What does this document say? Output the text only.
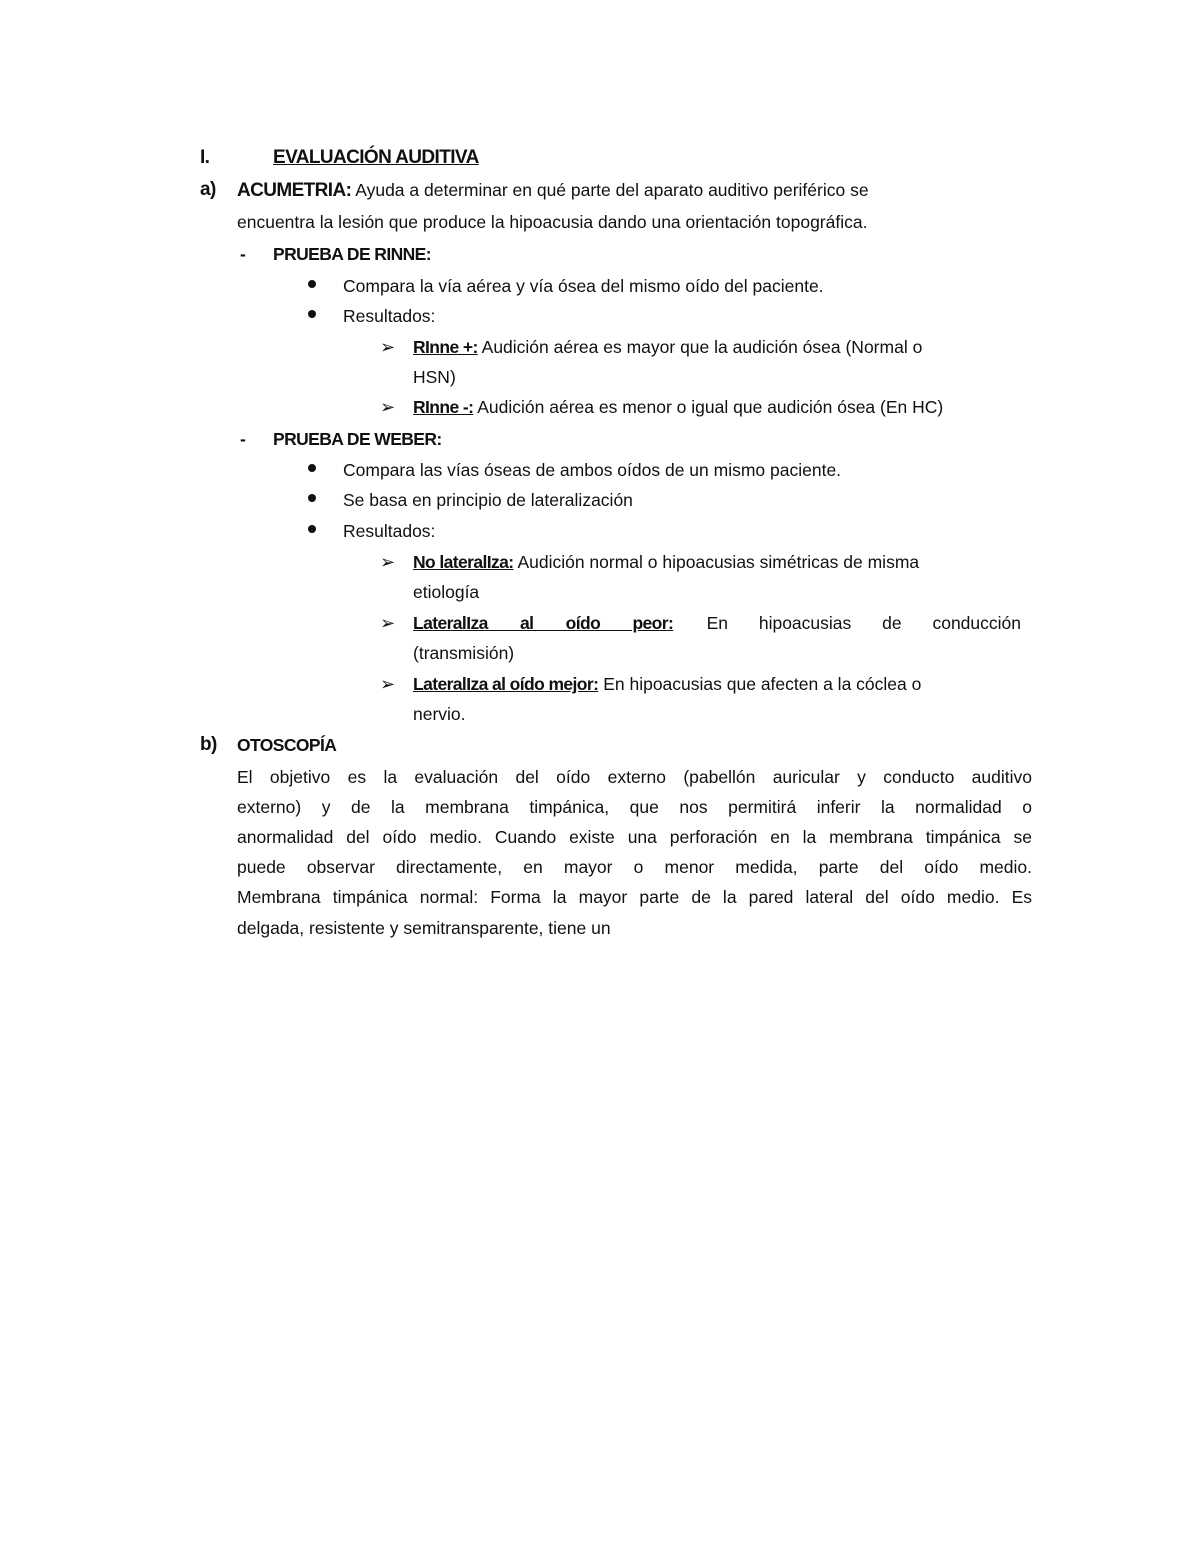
I.	EVALUACIÓN AUDITIVA
a) ACUMETRIA: Ayuda a determinar en qué parte del aparato auditivo periférico se
encuentra la lesión que produce la hipoacusia dando una orientación topográfica.
- PRUEBA DE RINNE:
Compara la vía aérea y vía ósea del mismo oído del paciente.
Resultados:
➢ RInne +: Audición aérea es mayor que la audición ósea (Normal o
HSN)
➢ RInne -: Audición aérea es menor o igual que audición ósea (En HC)
- PRUEBA DE WEBER:
Compara las vías óseas de ambos oídos de un mismo paciente.
Se basa en principio de lateralización
Resultados:
➢ No lateralIza: Audición normal o hipoacusias simétricas de misma
etiología
➢ LateralIza al oído peor: En hipoacusias de conducción
(transmisión)
➢ LateralIza al oído mejor: En hipoacusias que afecten a la cóclea o
nervio.
b) OTOSCOPÍA
El objetivo es la evaluación del oído externo (pabellón auricular y conducto auditivo
externo) y de la membrana timpánica, que nos permitirá inferir la normalidad o
anormalidad del oído medio. Cuando existe una perforación en la membrana timpánica se
puede observar directamente, en mayor o menor medida, parte del oído medio.
Membrana timpánica normal: Forma la mayor parte de la pared lateral del oído medio. Es
delgada, resistente y semitransparente, tiene un
